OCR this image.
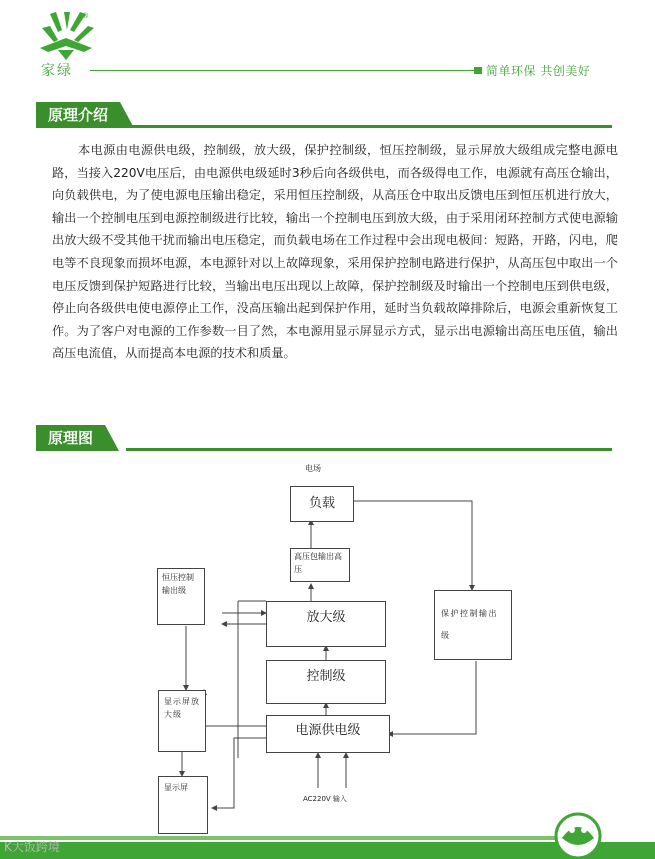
®
家绿	简单环保 共创美好
原理介绍
本电源由电源供电级，控制级，放大级，保护控制级，恒压控制级，显示屏放大级组成完整电源电路，当接入220V电压后，由电源供电级延时3秒后向各级供电，而各级得电工作，电源就有高压仓输出，向负载供电，为了使电源电压输出稳定，采用恒压控制级，从高压仓中取出反馈电压到恒压机进行放大，输出一个控制电压到电源控制级进行比较，输出一个控制电压到放大级，由于采用闭环控制方式使电源输出放大级不受其他干扰而输出电压稳定，而负载电场在工作过程中会出现电极间：短路，开路，闪电，爬电等不良现象而损坏电源，本电源针对以上故障现象，采用保护控制电路进行保护，从高压包中取出一个电压反馈到保护短路进行比较，当输出电压出现以上故障，保护控制级及时输出一个控制电压到供电级，停止向各级供电使电源停止工作，没高压输出起到保护作用，延时当负载故障排除后，电源会重新恢复工作。为了客户对电源的工作参数一目了然，本电源用显示屏显示方式，显示出电源输出高压电压值，输出高压电流值，从而提高本电源的技术和质量。
原理图
电场
负载
高压包输出高压
放大级
控制级
电源供电级
保护控制输出级
恒压控制输出级
显示屏放大级
显示屏
AC220V 输入
K大饭跨境
